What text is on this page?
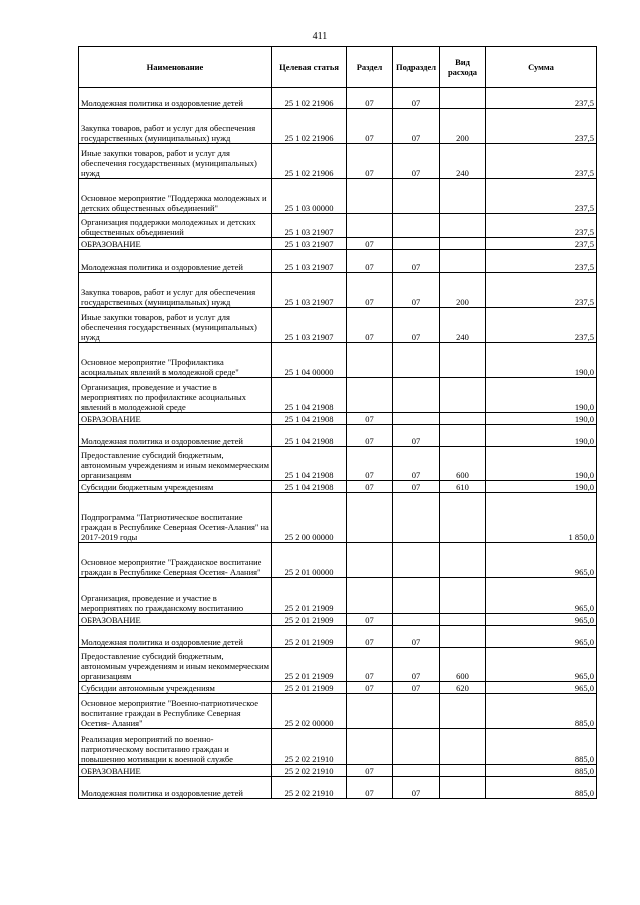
411
Наименование	Целевая статья	Раздел	Подраздел	Вид расхода	Сумма
Молодежная политика и оздоровление детей	25 1 02 21906	07	07		237,5
Закупка товаров, работ и услуг для обеспечения государственных (муниципальных) нужд	25 1 02 21906	07	07	200	237,5
Иные закупки товаров, работ и услуг для обеспечения государственных (муниципальных) нужд	25 1 02 21906	07	07	240	237,5
Основное мероприятие "Поддержка молодежных и детских общественных объединений"	25 1 03 00000				237,5
Организация поддержки молодежных и детских общественных объединений	25 1 03 21907				237,5
ОБРАЗОВАНИЕ	25 1 03 21907	07			237,5
Молодежная политика и оздоровление детей	25 1 03 21907	07	07		237,5
Закупка товаров, работ и услуг для обеспечения государственных (муниципальных) нужд	25 1 03 21907	07	07	200	237,5
Иные закупки товаров, работ и услуг для обеспечения государственных (муниципальных) нужд	25 1 03 21907	07	07	240	237,5
Основное мероприятие "Профилактика асоциальных явлений в молодежной среде"	25 1 04 00000				190,0
Организация, проведение и участие в мероприятиях по профилактике асоциальных явлений в молодежной среде	25 1 04 21908				190,0
ОБРАЗОВАНИЕ	25 1 04 21908	07			190,0
Молодежная политика и оздоровление детей	25 1 04 21908	07	07		190,0
Предоставление субсидий бюджетным, автономным учреждениям и иным некоммерческим организациям	25 1 04 21908	07	07	600	190,0
Субсидии бюджетным учреждениям	25 1 04 21908	07	07	610	190,0
Подпрограмма "Патриотическое воспитание граждан в Республике Северная Осетия-Алания" на 2017-2019 годы	25 2 00 00000				1 850,0
Основное мероприятие "Гражданское воспитание граждан в Республике Северная Осетия- Алания"	25 2 01 00000				965,0
Организация, проведение и участие в мероприятиях по гражданскому воспитанию	25 2 01 21909				965,0
ОБРАЗОВАНИЕ	25 2 01 21909	07			965,0
Молодежная политика и оздоровление детей	25 2 01 21909	07	07		965,0
Предоставление субсидий бюджетным, автономным учреждениям и иным некоммерческим организациям	25 2 01 21909	07	07	600	965,0
Субсидии автономным учреждениям	25 2 01 21909	07	07	620	965,0
Основное мероприятие "Военно-патриотическое воспитание граждан в Республике Северная Осетия- Алания"	25 2 02 00000				885,0
Реализация мероприятий по военно-патриотическому воспитанию граждан и повышению мотивации к военной службе	25 2 02 21910				885,0
ОБРАЗОВАНИЕ	25 2 02 21910	07			885,0
Молодежная политика и оздоровление детей	25 2 02 21910	07	07		885,0
